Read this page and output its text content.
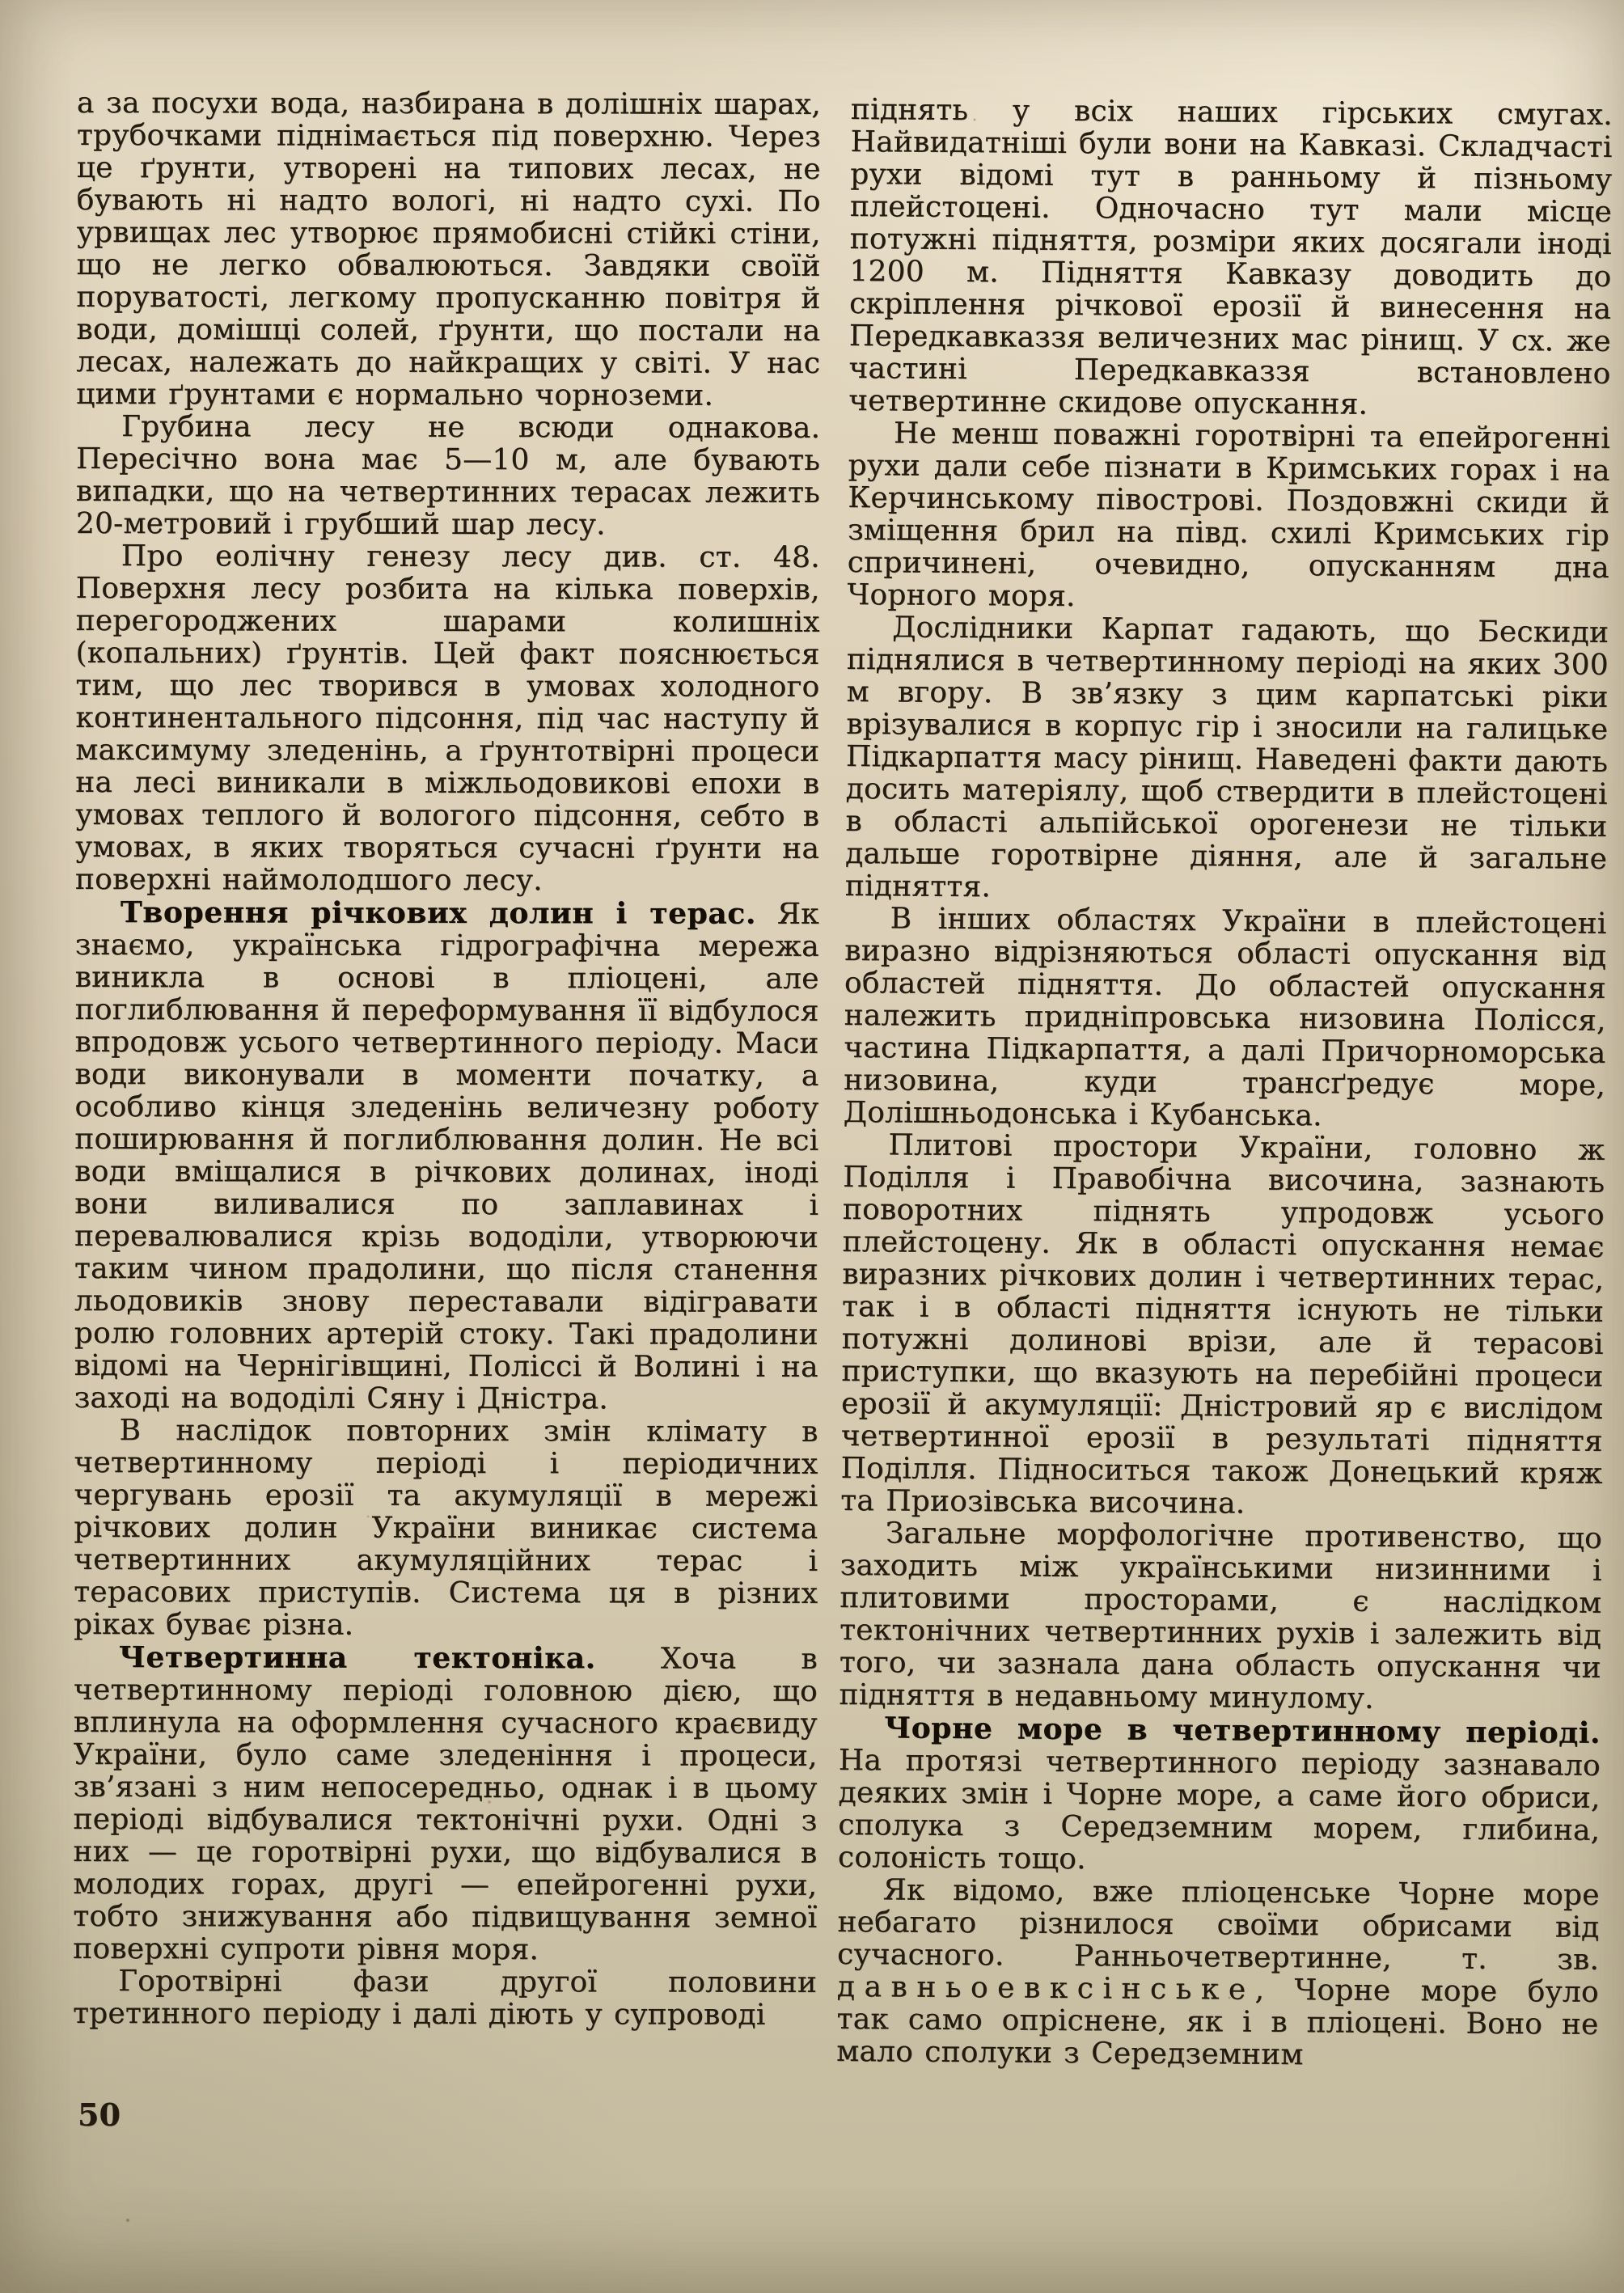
а за посухи вода, назбирана в долішніх шарах, трубочками піднімається під поверхню. Через це ґрунти, утворені на типових лесах, не бувають ні надто вологі, ні надто сухі. По урвищах лес утворює прямобисні стійкі стіни, що не легко обвалюються. Завдяки своїй поруватості, легкому пропусканню повітря й води, домішці солей, ґрунти, що постали на лесах, належать до найкращих у світі. У нас цими ґрунтами є нормально чорноземи.

Грубина лесу не всюди однакова. Пересічно вона має 5—10 м, але бувають випадки, що на четвертинних терасах лежить 20-метровий і грубший шар лесу.

Про еолічну генезу лесу див. ст. 48. Поверхня лесу розбита на кілька поверхів, перегороджених шарами колишніх (копальних) ґрунтів. Цей факт пояснюється тим, що лес творився в умовах холодного континентального підсоння, під час наступу й максимуму зледенінь, а ґрунтотвірні процеси на лесі виникали в міжльодовикові епохи в умовах теплого й вологого підсоння, себто в умовах, в яких творяться сучасні ґрунти на поверхні наймолодшого лесу.

Творення річкових долин і терас. Як знаємо, українська гідрографічна мережа виникла в основі в пліоцені, але поглиблювання й переформування її відбулося впродовж усього четвертинного періоду. Маси води виконували в моменти початку, а особливо кінця зледенінь величезну роботу поширювання й поглиблювання долин. Не всі води вміщалися в річкових долинах, іноді вони виливалися по заплавинах і перевалювалися крізь вододіли, утворюючи таким чином прадолини, що після станення льодовиків знову переставали відігравати ролю головних артерій стоку. Такі прадолини відомі на Чернігівщині, Поліссі й Волині і на заході на вододілі Сяну і Дністра.

В наслідок повторних змін клімату в четвертинному періоді і періодичних чергувань ерозії та акумуляції в мережі річкових долин України виникає система четвертинних акумуляційних терас і терасових приступів. Система ця в різних ріках буває різна.

Четвертинна тектоніка. Хоча в четвертинному періоді головною дією, що вплинула на оформлення сучасного краєвиду України, було саме зледеніння і процеси, зв’язані з ним непосередньо, однак і в цьому періоді відбувалися тектонічні рухи. Одні з них — це горотвірні рухи, що відбувалися в молодих горах, другі — епейрогенні рухи, тобто знижування або підвищування земної поверхні супроти рівня моря.

Горотвірні фази другої половини третинного періоду і далі діють у супроводі

піднять у всіх наших гірських смугах. Найвидатніші були вони на Кавказі. Складчасті рухи відомі тут в ранньому й пізньому плейстоцені. Одночасно тут мали місце потужні підняття, розміри яких досягали іноді 1200 м. Підняття Кавказу доводить до скріплення річкової ерозії й винесення на Передкавказзя величезних мас рінищ. У сх. же частині Передкавказзя встановлено четвертинне скидове опускання.

Не менш поважні горотвірні та епейрогенні рухи дали себе пізнати в Кримських горах і на Керчинському півострові. Поздовжні скиди й зміщення брил на півд. схилі Кримських гір спричинені, очевидно, опусканням дна Чорного моря.

Дослідники Карпат гадають, що Бескиди піднялися в четвертинному періоді на яких 300 м вгору. В зв’язку з цим карпатські ріки врізувалися в корпус гір і зносили на галицьке Підкарпаття масу рінищ. Наведені факти дають досить матеріялу, щоб ствердити в плейстоцені в області альпійської орогенези не тільки дальше горотвірне діяння, але й загальне підняття.

В інших областях України в плейстоцені виразно відрізняються області опускання від областей підняття. До областей опускання належить придніпровська низовина Полісся, частина Підкарпаття, а далі Причорноморська низовина, куди трансґредує море, Долішньодонська і Кубанська.

Плитові простори України, головно ж Поділля і Правобічна височина, зазнають поворотних піднять упродовж усього плейстоцену. Як в області опускання немає виразних річкових долин і четвертинних терас, так і в області підняття існують не тільки потужні долинові врізи, але й терасові приступки, що вказують на перебійні процеси ерозії й акумуляції: Дністровий яр є вислідом четвертинної ерозії в результаті підняття Поділля. Підноситься також Донецький кряж та Приозівська височина.

Загальне морфологічне противенство, що заходить між українськими низинними і плитовими просторами, є наслідком тектонічних четвертинних рухів і залежить від того, чи зазнала дана область опускання чи підняття в недавньому минулому.

Чорне море в четвертинному періоді. На протязі четвертинного періоду зазнавало деяких змін і Чорне море, а саме його обриси, сполука з Середземним морем, глибина, солоність тощо.

Як відомо, вже пліоценське Чорне море небагато різнилося своїми обрисами від сучасного. Ранньочетвертинне, т. зв. давньоевксінське, Чорне море було так само опріснене, як і в пліоцені. Воно не мало сполуки з Середземним

50
